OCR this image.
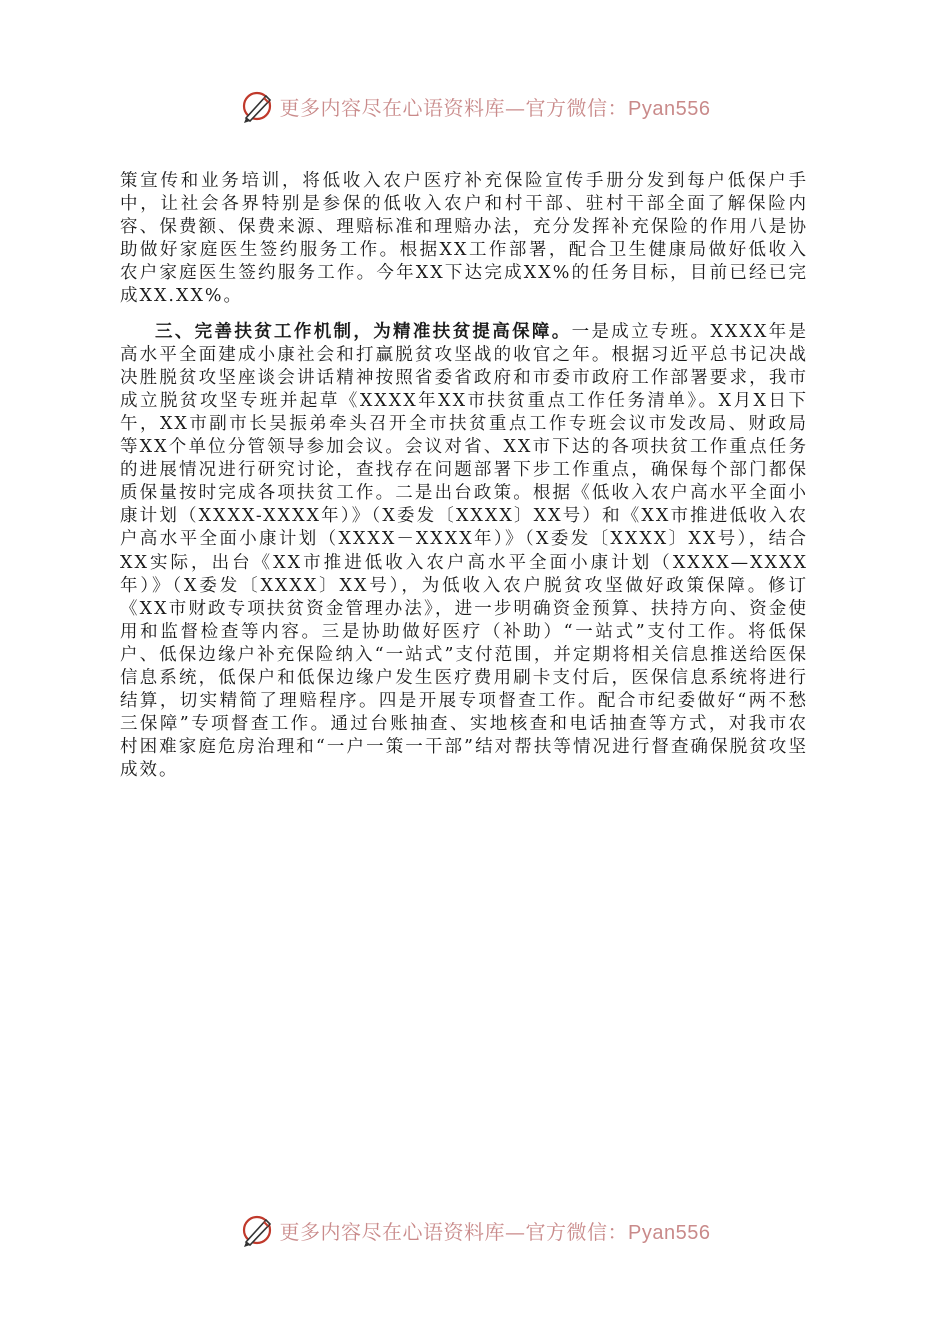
更多内容尽在心语资料库—官方微信：Pyan556

策宣传和业务培训，将低收入农户医疗补充保险宣传手册分发到每户低保户手中，让社会各界特别是参保的低收入农户和村干部、驻村干部全面了解保险内容、保费额、保费来源、理赔标准和理赔办法，充分发挥补充保险的作用八是协助做好家庭医生签约服务工作。根据XX工作部署，配合卫生健康局做好低收入农户家庭医生签约服务工作。今年XX下达完成XX%的任务目标，目前已经已完成XX.XX%。

三、完善扶贫工作机制，为精准扶贫提高保障。一是成立专班。XXXX年是高水平全面建成小康社会和打赢脱贫攻坚战的收官之年。根据习近平总书记决战决胜脱贫攻坚座谈会讲话精神按照省委省政府和市委市政府工作部署要求，我市成立脱贫攻坚专班并起草《XXXX年XX市扶贫重点工作任务清单》。X月X日下午，XX市副市长吴振弟牵头召开全市扶贫重点工作专班会议市发改局、财政局等XX个单位分管领导参加会议。会议对省、XX市下达的各项扶贫工作重点任务的进展情况进行研究讨论，查找存在问题部署下步工作重点，确保每个部门都保质保量按时完成各项扶贫工作。二是出台政策。根据《低收入农户高水平全面小康计划（XXXX-XXXX年）》（X委发〔XXXX〕XX号）和《XX市推进低收入农户高水平全面小康计划（XXXX－XXXX年）》（X委发〔XXXX〕XX号），结合XX实际，出台《XX市推进低收入农户高水平全面小康计划（XXXX—XXXX年）》（X委发〔XXXX〕XX号），为低收入农户脱贫攻坚做好政策保障。修订《XX市财政专项扶贫资金管理办法》，进一步明确资金预算、扶持方向、资金使用和监督检查等内容。三是协助做好医疗（补助）“一站式”支付工作。将低保户、低保边缘户补充保险纳入“一站式”支付范围，并定期将相关信息推送给医保信息系统，低保户和低保边缘户发生医疗费用刷卡支付后，医保信息系统将进行结算，切实精简了理赔程序。四是开展专项督查工作。配合市纪委做好“两不愁三保障”专项督查工作。通过台账抽查、实地核查和电话抽查等方式，对我市农村困难家庭危房治理和“一户一策一干部”结对帮扶等情况进行督查确保脱贫攻坚成效。

更多内容尽在心语资料库—官方微信：Pyan556
